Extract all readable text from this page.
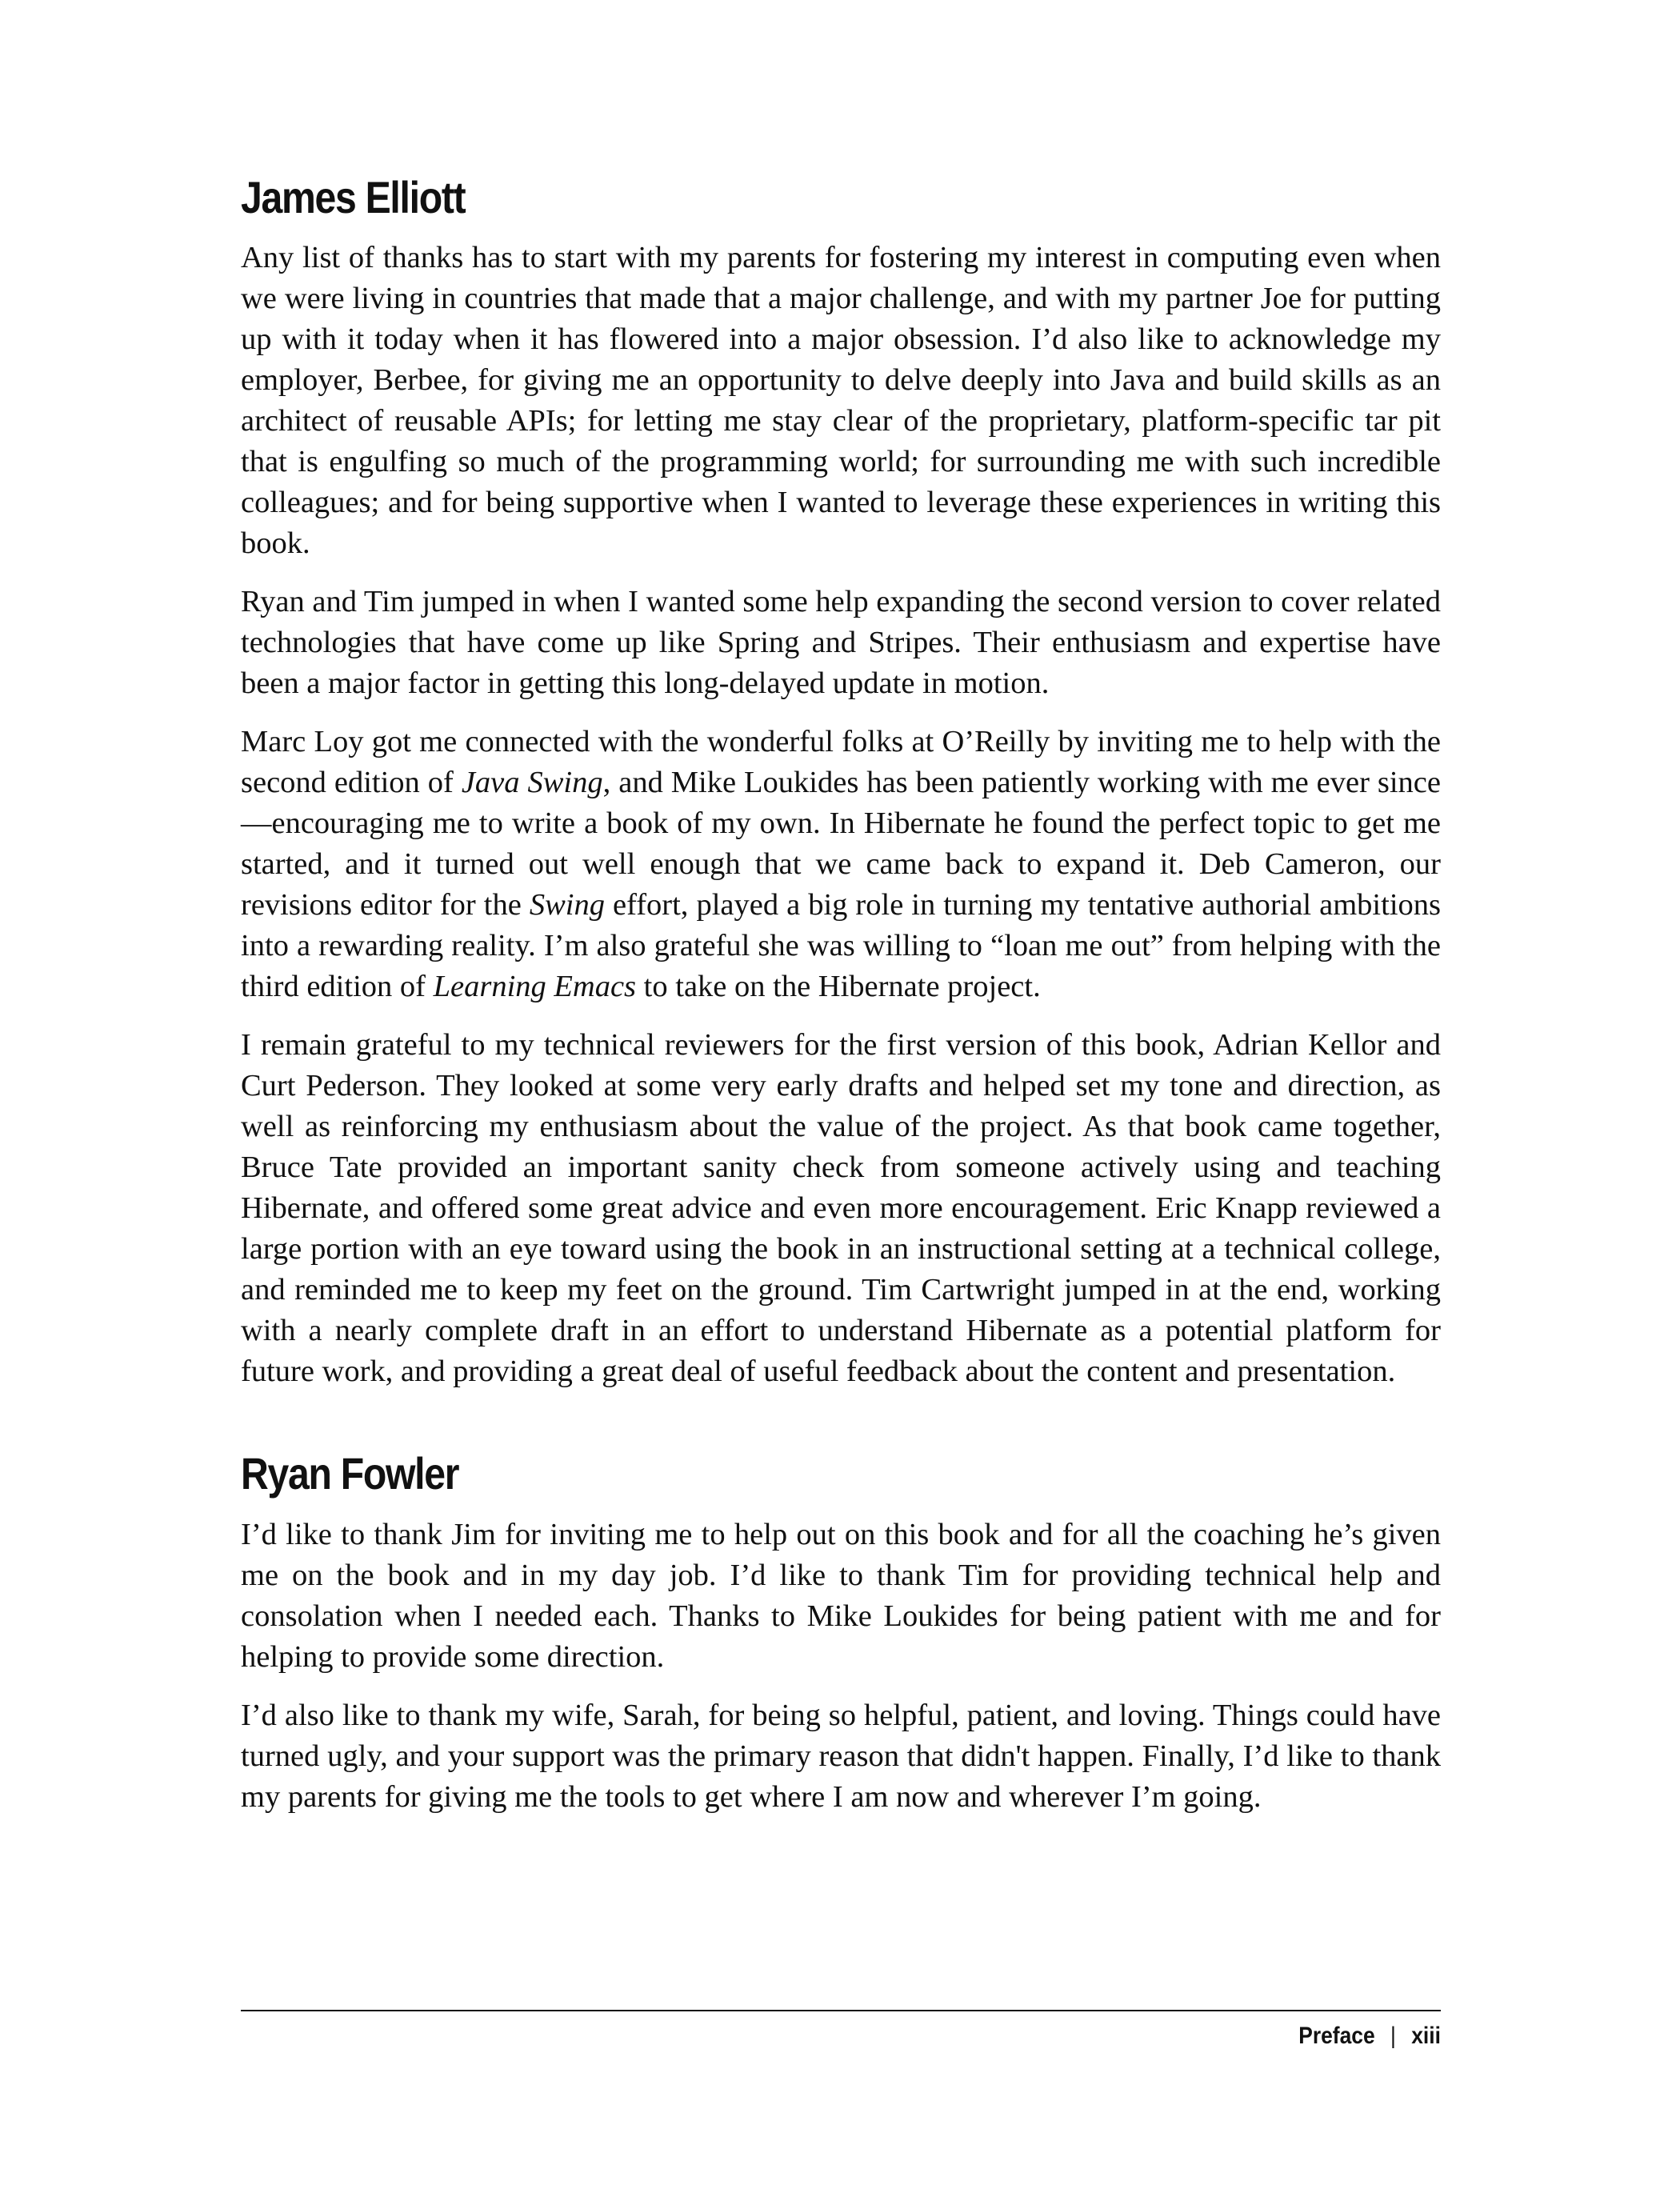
James Elliott

Any list of thanks has to start with my parents for fostering my interest in computing even when we were living in countries that made that a major challenge, and with my partner Joe for putting up with it today when it has flowered into a major obsession. I’d also like to acknowledge my employer, Berbee, for giving me an opportunity to delve deeply into Java and build skills as an architect of reusable APIs; for letting me stay clear of the proprietary, platform-specific tar pit that is engulfing so much of the programming world; for surrounding me with such incredible colleagues; and for being supportive when I wanted to leverage these experiences in writing this book.

Ryan and Tim jumped in when I wanted some help expanding the second version to cover related technologies that have come up like Spring and Stripes. Their enthusiasm and expertise have been a major factor in getting this long-delayed update in motion.

Marc Loy got me connected with the wonderful folks at O’Reilly by inviting me to help with the second edition of Java Swing, and Mike Loukides has been patiently working with me ever since—encouraging me to write a book of my own. In Hibernate he found the perfect topic to get me started, and it turned out well enough that we came back to expand it. Deb Cameron, our revisions editor for the Swing effort, played a big role in turning my tentative authorial ambitions into a rewarding reality. I’m also grateful she was willing to “loan me out” from helping with the third edition of Learning Emacs to take on the Hibernate project.

I remain grateful to my technical reviewers for the first version of this book, Adrian Kellor and Curt Pederson. They looked at some very early drafts and helped set my tone and direction, as well as reinforcing my enthusiasm about the value of the project. As that book came together, Bruce Tate provided an important sanity check from someone actively using and teaching Hibernate, and offered some great advice and even more encouragement. Eric Knapp reviewed a large portion with an eye toward using the book in an instructional setting at a technical college, and reminded me to keep my feet on the ground. Tim Cartwright jumped in at the end, working with a nearly complete draft in an effort to understand Hibernate as a potential platform for future work, and providing a great deal of useful feedback about the content and presentation.

Ryan Fowler

I’d like to thank Jim for inviting me to help out on this book and for all the coaching he’s given me on the book and in my day job. I’d like to thank Tim for providing technical help and consolation when I needed each. Thanks to Mike Loukides for being patient with me and for helping to provide some direction.

I’d also like to thank my wife, Sarah, for being so helpful, patient, and loving. Things could have turned ugly, and your support was the primary reason that didn't happen. Finally, I’d like to thank my parents for giving me the tools to get where I am now and wherever I’m going.

Preface | xiii
